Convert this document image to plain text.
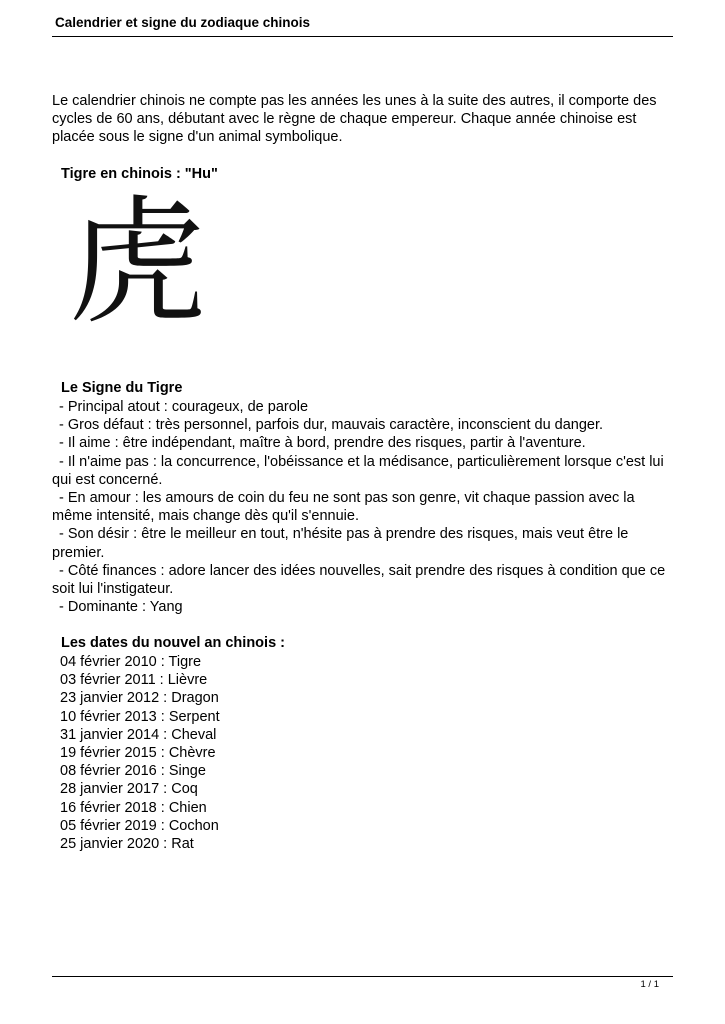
Calendrier et signe du zodiaque chinois

Le calendrier chinois ne compte pas les années les unes à la suite des autres, il comporte des cycles de 60 ans, débutant avec le règne de chaque empereur. Chaque année chinoise est placée sous le signe d'un animal symbolique.

Tigre en chinois : "Hu"

虎

Le Signe du Tigre

- Principal atout : courageux, de parole
- Gros défaut : très personnel, parfois dur, mauvais caractère, inconscient du danger.
- Il aime : être indépendant, maître à bord, prendre des risques, partir à l'aventure.
- Il n'aime pas : la concurrence, l'obéissance et la médisance, particulièrement lorsque c'est lui qui est concerné.
- En amour : les amours de coin du feu ne sont pas son genre, vit chaque passion avec la même intensité, mais change dès qu'il s'ennuie.
- Son désir : être le meilleur en tout, n'hésite pas à prendre des risques, mais veut être le premier.
- Côté finances : adore lancer des idées nouvelles, sait prendre des risques à condition que ce soit lui l'instigateur.
- Dominante : Yang

Les dates du nouvel an chinois :

04 février 2010 : Tigre
03 février 2011 : Lièvre
23 janvier 2012 : Dragon
10 février 2013 : Serpent
31 janvier 2014 : Cheval
19 février 2015 : Chèvre
08 février 2016 : Singe
28 janvier 2017 : Coq
16 février 2018 : Chien
05 février 2019 : Cochon
25 janvier 2020 : Rat
1 / 1
